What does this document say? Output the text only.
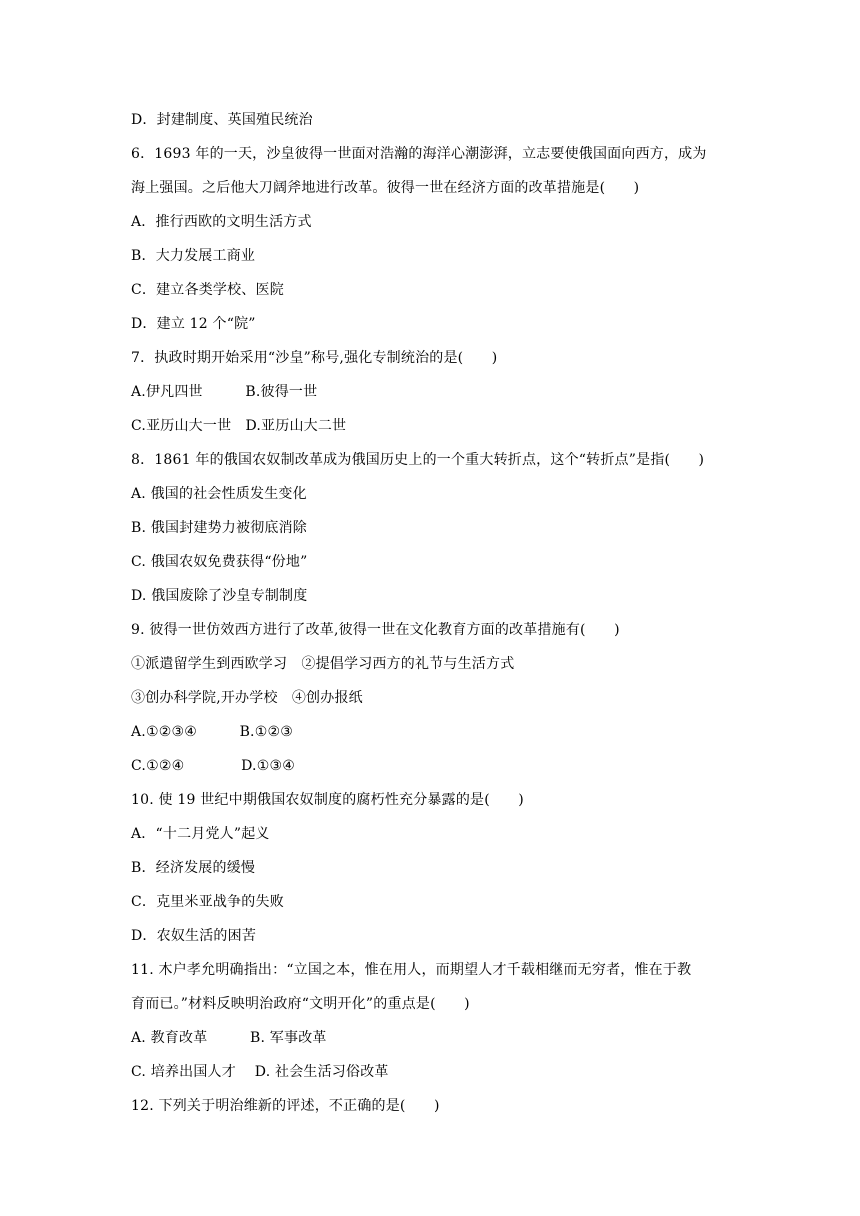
D．封建制度、英国殖民统治
6．1693 年的一天，沙皇彼得一世面对浩瀚的海洋心潮澎湃，立志要使俄国面向西方，成为
海上强国。之后他大刀阔斧地进行改革。彼得一世在经济方面的改革措施是(　　)
A．推行西欧的文明生活方式
B．大力发展工商业
C．建立各类学校、医院
D．建立 12 个“院”
7．执政时期开始采用“沙皇”称号,强化专制统治的是(　　)
A.伊凡四世　　　B.彼得一世
C.亚历山大一世　D.亚历山大二世
8．1861 年的俄国农奴制改革成为俄国历史上的一个重大转折点，这个“转折点”是指(　　)
A. 俄国的社会性质发生变化
B. 俄国封建势力被彻底消除
C. 俄国农奴免费获得“份地”
D. 俄国废除了沙皇专制制度
9. 彼得一世仿效西方进行了改革,彼得一世在文化教育方面的改革措施有(　　)
①派遣留学生到西欧学习　②提倡学习西方的礼节与生活方式
③创办科学院,开办学校　④创办报纸
A.①②③④　　　B.①②③
C.①②④　　　　D.①③④
10. 使 19 世纪中期俄国农奴制度的腐朽性充分暴露的是(　　)
A．“十二月党人”起义
B．经济发展的缓慢
C．克里米亚战争的失败
D．农奴生活的困苦
11. 木户孝允明确指出：“立国之本，惟在用人，而期望人才千载相继而无穷者，惟在于教
育而已。”材料反映明治政府“文明开化”的重点是(　　)
A. 教育改革　　　B. 军事改革
C. 培养出国人才　 D. 社会生活习俗改革
12. 下列关于明治维新的评述，不正确的是(　　)
